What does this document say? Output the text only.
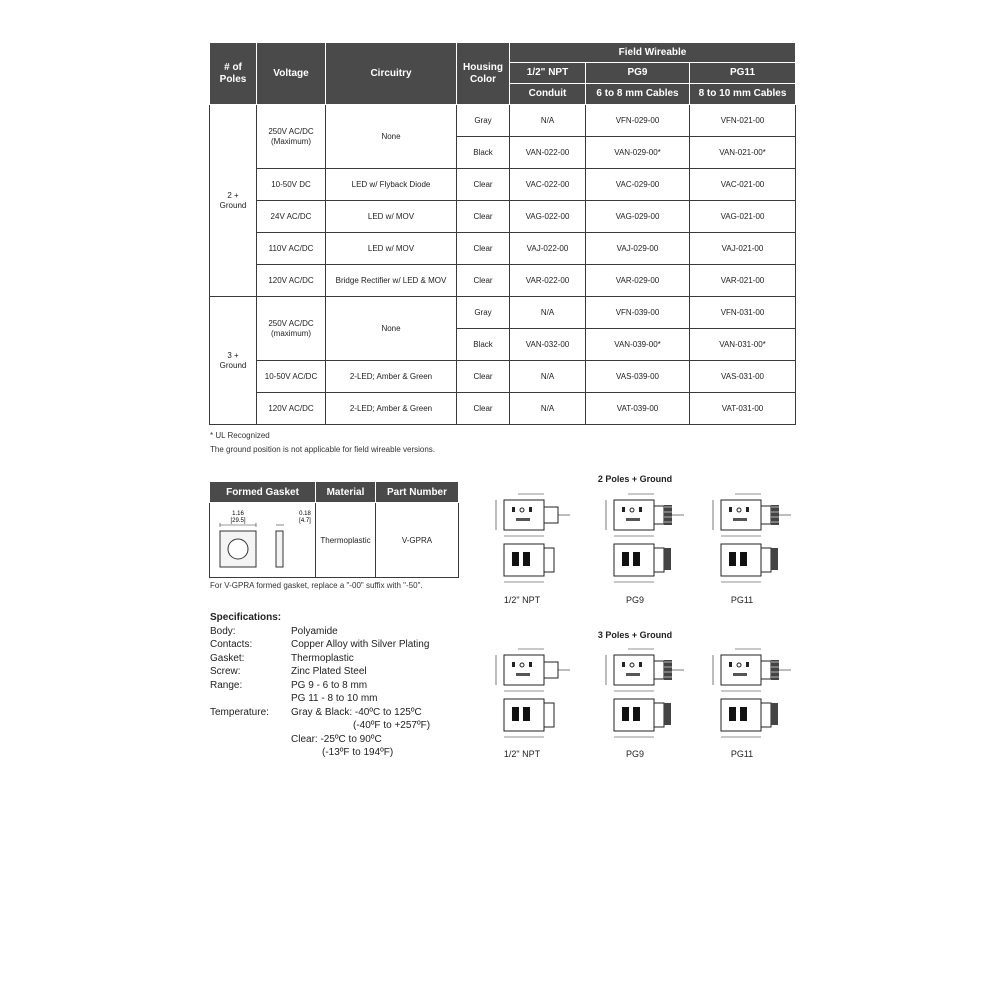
# of Poles	Voltage	Circuitry	Housing Color	Field Wireable		
				1/2" NPT	PG9	PG11
				Conduit	6 to 8 mm Cables	8 to 10 mm Cables
2 + Ground	250V AC/DC (Maximum)	None	Gray	N/A	VFN-029-00	VFN-021-00
			Black	VAN-022-00	VAN-029-00*	VAN-021-00*
	10-50V DC	LED w/ Flyback Diode	Clear	VAC-022-00	VAC-029-00	VAC-021-00
	24V AC/DC	LED w/ MOV	Clear	VAG-022-00	VAG-029-00	VAG-021-00
	110V AC/DC	LED w/ MOV	Clear	VAJ-022-00	VAJ-029-00	VAJ-021-00
	120V AC/DC	Bridge Rectifier w/ LED & MOV	Clear	VAR-022-00	VAR-029-00	VAR-021-00
3 + Ground	250V AC/DC (maximum)	None	Gray	N/A	VFN-039-00	VFN-031-00
			Black	VAN-032-00	VAN-039-00*	VAN-031-00*
	10-50V AC/DC	2-LED; Amber & Green	Clear	N/A	VAS-039-00	VAS-031-00
	120V AC/DC	2-LED; Amber & Green	Clear	N/A	VAT-039-00	VAT-031-00
* UL Recognized
The ground position is not applicable for field wireable versions.
Formed Gasket	Material	Part Number

1.16
[29.5]
0.18
[4.7]	Thermoplastic	V-GPRA
For V-GPRA formed gasket, replace a "-00" suffix with "-50".
Specifications:
Body:	Polyamide
Contacts:	Copper Alloy with Silver Plating
Gasket:	Thermoplastic
Screw:	Zinc Plated Steel
Range:	PG 9 - 6 to 8 mm
PG 11 - 8 to 10 mm
Temperature:	Gray & Black: -40ºC to 125ºC
(-40ºF to +257ºF)
Clear: -25ºC to 90ºC
(-13ºF to 194ºF)
2 Poles + Ground
3 Poles + Ground
1/2" NPT	PG9	PG11
1/2" NPT	PG9	PG11
